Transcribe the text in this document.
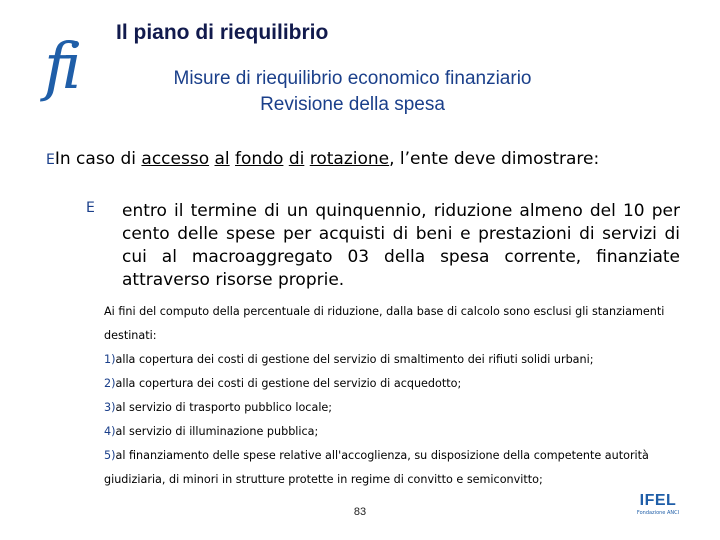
fi	Il piano di riequilibrio
Misure di riequilibrio economico finanziario
Revisione della spesa
EIn caso di accesso al fondo di rotazione, l’ente deve dimostrare:
E entro il termine di un quinquennio, riduzione almeno del 10 per cento delle spese per acquisti di beni e prestazioni di servizi di cui al macroaggregato 03 della spesa corrente, finanziate attraverso risorse proprie.

Ai fini del computo della percentuale di riduzione, dalla base di calcolo sono esclusi gli stanziamenti destinati:

1)alla copertura dei costi di gestione del servizio di smaltimento dei rifiuti solidi urbani;

2)alla copertura dei costi di gestione del servizio di acquedotto;

3)al servizio di trasporto pubblico locale;

4)al servizio di illuminazione pubblica;

5)al finanziamento delle spese relative all'accoglienza, su disposizione della competente autorità giudiziaria, di minori in strutture protette in regime di convitto e semiconvitto;

83
IFEL
Fondazione ANCI
